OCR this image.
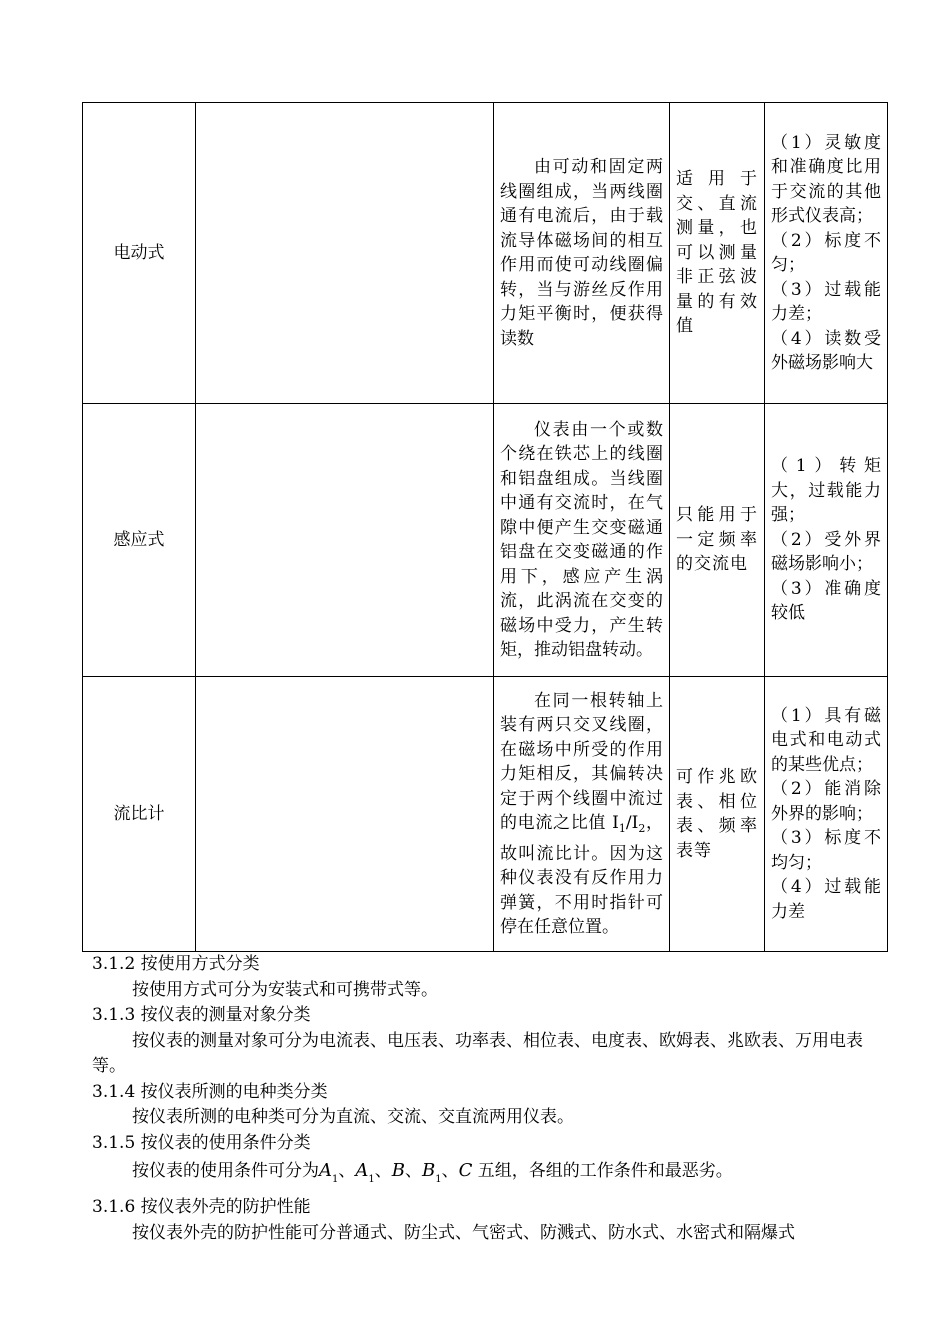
电动式		由可动和固定两线圈组成，当两线圈通有电流后，由于载流导体磁场间的相互作用而使可动线圈偏转，当与游丝反作用力矩平衡时，便获得读数	适用于交、直流测量，也可以测量非正弦波量的有效值	（1）灵敏度和准确度比用于交流的其他形式仪表高；

（2）标度不匀；

（3）过载能力差；

（4）读数受外磁场影响大

感应式		仪表由一个或数个绕在铁芯上的线圈和铝盘组成。当线圈中通有交流时，在气隙中便产生交变磁通铝盘在交变磁通的作用下，感应产生涡流，此涡流在交变的磁场中受力，产生转矩，推动铝盘转动。	只能用于一定频率的交流电	（1）转矩大，过载能力强；

（2）受外界磁场影响小；

（3）准确度较低

流比计		在同一根转轴上装有两只交叉线圈，在磁场中所受的作用力矩相反，其偏转决定于两个线圈中流过的电流之比值 $I_1/I_2$，故叫流比计。因为这种仪表没有反作用力弹簧，不用时指针可停在任意位置。	可作兆欧表、相位表、频率表等	（1）具有磁电式和电动式的某些优点；

（2）能消除外界的影响；

（3）标度不均匀；

（4）过载能力差

3.1.2 按使用方式分类

按使用方式可分为安装式和可携带式等。

3.1.3 按仪表的测量对象分类

按仪表的测量对象可分为电流表、电压表、功率表、相位表、电度表、欧姆表、兆欧表、万用电表等。

3.1.4 按仪表所测的电种类分类

按仪表所测的电种类可分为直流、交流、交直流两用仪表。

3.1.5 按仪表的使用条件分类

按仪表的使用条件可分为$A_1$、$A_1$、B、$B_1$、C 五组，各组的工作条件和最恶劣。

3.1.6 按仪表外壳的防护性能

按仪表外壳的防护性能可分普通式、防尘式、气密式、防溅式、防水式、水密式和隔爆式
